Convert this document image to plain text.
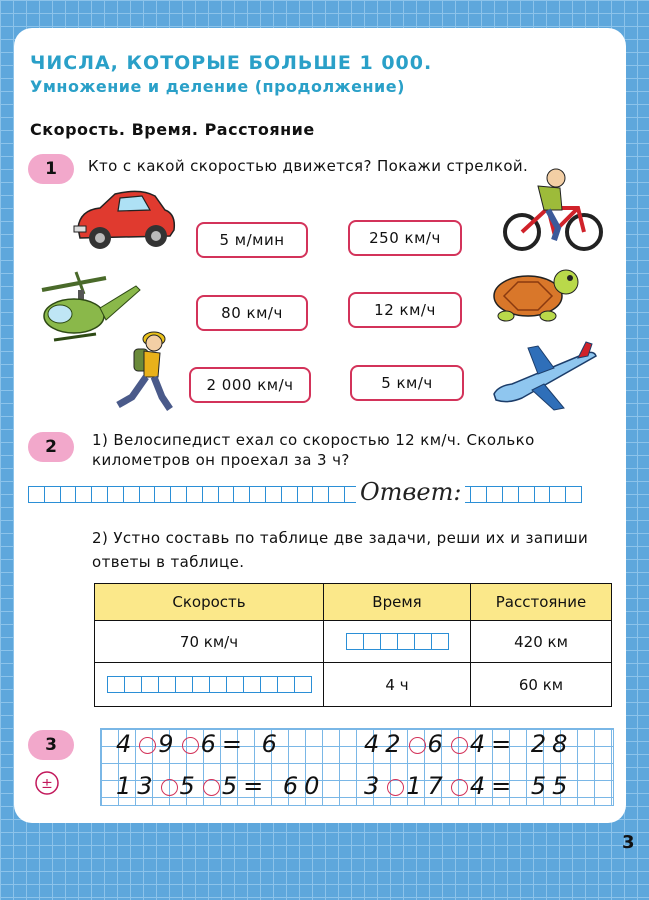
ЧИСЛА, КОТОРЫЕ БОЛЬШЕ 1 000.
Умножение и деление (продолжение)
Скорость. Время. Расстояние
1	Кто с какой скоростью движется? Покажи стрелкой.
5 м/мин	250 км/ч
80 км/ч	12 км/ч
2 000 км/ч	5 км/ч
2	1) Велосипедист ехал со скоростью 12 км/ч. Сколько километров он проехал за 3 ч?
Ответ:
2) Устно составь по таблице две задачи, реши их и запиши ответы в таблице.
Скорость	Время	Расстояние
70 км/ч		420 км

	4 ч	60 км
3
±
4 9 6= 6	42 6 4= 28
13 5 5= 60 3 17 4= 55
3
